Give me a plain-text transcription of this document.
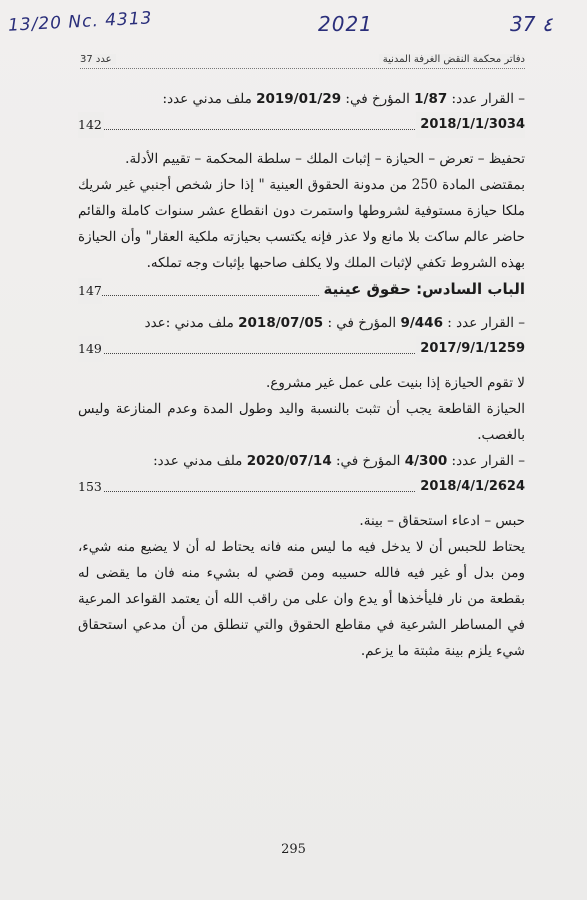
13/20 Nc. 4313	2021	37 ٤
دفاتر محكمة النقض الغرفة المدنية
عدد 37

– القرار عدد: 1/87 المؤرخ في: 2019/01/29 ملف مدني عدد:

2018/1/1/3034
142

تحفيظ – تعرض – الحيازة – إثبات الملك – سلطة المحكمة – تقييم الأدلة.

بمقتضى المادة 250 من مدونة الحقوق العينية " إذا حاز شخص أجنبي غير شريك ملكا حيازة مستوفية لشروطها واستمرت دون انقطاع عشر سنوات كاملة والقائم حاضر عالم ساكت بلا مانع ولا عذر فإنه يكتسب بحيازته ملكية العقار" وأن الحيازة بهذه الشروط تكفي لإثبات الملك ولا يكلف صاحبها بإثبات وجه تملكه.

الباب السادس: حقوق عينية
147

– القرار عدد : 9/446 المؤرخ في : 2018/07/05 ملف مدني :عدد

2017/9/1/1259
149

لا تقوم الحيازة إذا بنيت على عمل غير مشروع.

الحيازة القاطعة يجب أن تثبت بالنسبة واليد وطول المدة وعدم المنازعة وليس بالغصب.

– القرار عدد: 4/300 المؤرخ في: 2020/07/14 ملف مدني عدد:

2018/4/1/2624
153

حبس – ادعاء استحقاق – بينة.

يحتاط للحبس أن لا يدخل فيه ما ليس منه فانه يحتاط له أن لا يضيع منه شيء، ومن بدل أو غير فيه فالله حسيبه ومن قضي له بشيء منه فان ما يقضى له بقطعة من نار فليأخذها أو يدع وان على من راقب الله أن يعتمد القواعد المرعية في المساطر الشرعية في مقاطع الحقوق والتي تنطلق من أن مدعي استحقاق شيء يلزم بينة مثبتة ما يزعم.

295
